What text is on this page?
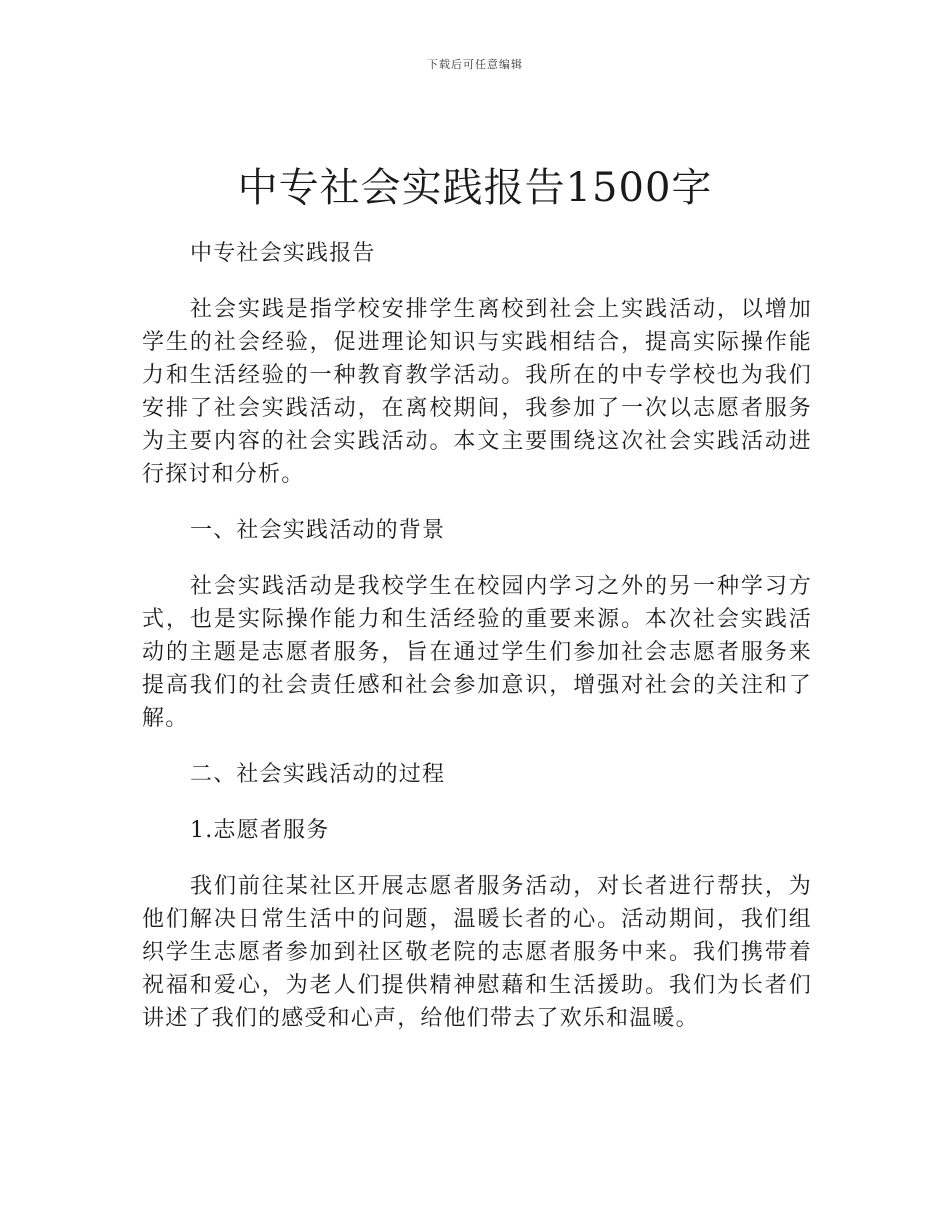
下载后可任意编辑
中专社会实践报告1500字

中专社会实践报告

社会实践是指学校安排学生离校到社会上实践活动，以增加学生的社会经验，促进理论知识与实践相结合，提高实际操作能力和生活经验的一种教育教学活动。我所在的中专学校也为我们安排了社会实践活动，在离校期间，我参加了一次以志愿者服务为主要内容的社会实践活动。本文主要围绕这次社会实践活动进行探讨和分析。

一、社会实践活动的背景

社会实践活动是我校学生在校园内学习之外的另一种学习方式，也是实际操作能力和生活经验的重要来源。本次社会实践活动的主题是志愿者服务，旨在通过学生们参加社会志愿者服务来提高我们的社会责任感和社会参加意识，增强对社会的关注和了解。

二、社会实践活动的过程

1.志愿者服务

我们前往某社区开展志愿者服务活动，对长者进行帮扶，为他们解决日常生活中的问题，温暖长者的心。活动期间，我们组织学生志愿者参加到社区敬老院的志愿者服务中来。我们携带着祝福和爱心，为老人们提供精神慰藉和生活援助。我们为长者们讲述了我们的感受和心声，给他们带去了欢乐和温暖。
